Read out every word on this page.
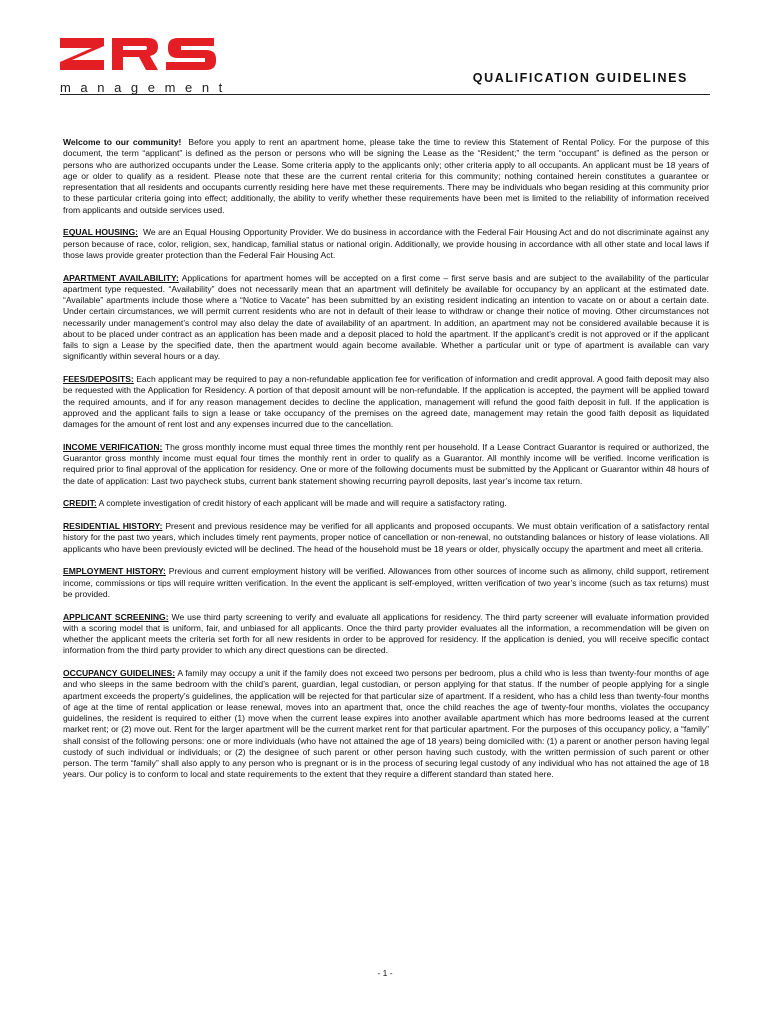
management
QUALIFICATION GUIDELINES

Welcome to our community! Before you apply to rent an apartment home, please take the time to review this Statement of Rental Policy. For the purpose of this document, the term “applicant” is defined as the person or persons who will be signing the Lease as the “Resident;” the term “occupant” is defined as the person or persons who are authorized occupants under the Lease. Some criteria apply to the applicants only; other criteria apply to all occupants. An applicant must be 18 years of age or older to qualify as a resident. Please note that these are the current rental criteria for this community; nothing contained herein constitutes a guarantee or representation that all residents and occupants currently residing here have met these requirements. There may be individuals who began residing at this community prior to these particular criteria going into effect; additionally, the ability to verify whether these requirements have been met is limited to the reliability of information received from applicants and outside services used.

EQUAL HOUSING: We are an Equal Housing Opportunity Provider. We do business in accordance with the Federal Fair Housing Act and do not discriminate against any person because of race, color, religion, sex, handicap, familial status or national origin. Additionally, we provide housing in accordance with all other state and local laws if those laws provide greater protection than the Federal Fair Housing Act.

APARTMENT AVAILABILITY: Applications for apartment homes will be accepted on a first come – first serve basis and are subject to the availability of the particular apartment type requested. “Availability” does not necessarily mean that an apartment will definitely be available for occupancy by an applicant at the estimated date. “Available” apartments include those where a “Notice to Vacate” has been submitted by an existing resident indicating an intention to vacate on or about a certain date. Under certain circumstances, we will permit current residents who are not in default of their lease to withdraw or change their notice of moving. Other circumstances not necessarily under management’s control may also delay the date of availability of an apartment. In addition, an apartment may not be considered available because it is about to be placed under contract as an application has been made and a deposit placed to hold the apartment. If the applicant’s credit is not approved or if the applicant fails to sign a Lease by the specified date, then the apartment would again become available. Whether a particular unit or type of apartment is available can vary significantly within several hours or a day.

FEES/DEPOSITS: Each applicant may be required to pay a non-refundable application fee for verification of information and credit approval. A good faith deposit may also be requested with the Application for Residency. A portion of that deposit amount will be non-refundable. If the application is accepted, the payment will be applied toward the required amounts, and if for any reason management decides to decline the application, management will refund the good faith deposit in full. If the application is approved and the applicant fails to sign a lease or take occupancy of the premises on the agreed date, management may retain the good faith deposit as liquidated damages for the amount of rent lost and any expenses incurred due to the cancellation.

INCOME VERIFICATION: The gross monthly income must equal three times the monthly rent per household. If a Lease Contract Guarantor is required or authorized, the Guarantor gross monthly income must equal four times the monthly rent in order to qualify as a Guarantor. All monthly income will be verified. Income verification is required prior to final approval of the application for residency. One or more of the following documents must be submitted by the Applicant or Guarantor within 48 hours of the date of application: Last two paycheck stubs, current bank statement showing recurring payroll deposits, last year’s income tax return.

CREDIT: A complete investigation of credit history of each applicant will be made and will require a satisfactory rating.

RESIDENTIAL HISTORY: Present and previous residence may be verified for all applicants and proposed occupants. We must obtain verification of a satisfactory rental history for the past two years, which includes timely rent payments, proper notice of cancellation or non-renewal, no outstanding balances or history of lease violations. All applicants who have been previously evicted will be declined. The head of the household must be 18 years or older, physically occupy the apartment and meet all criteria.

EMPLOYMENT HISTORY: Previous and current employment history will be verified. Allowances from other sources of income such as alimony, child support, retirement income, commissions or tips will require written verification. In the event the applicant is self-employed, written verification of two year’s income (such as tax returns) must be provided.

APPLICANT SCREENING: We use third party screening to verify and evaluate all applications for residency. The third party screener will evaluate information provided with a scoring model that is uniform, fair, and unbiased for all applicants. Once the third party provider evaluates all the information, a recommendation will be given on whether the applicant meets the criteria set forth for all new residents in order to be approved for residency. If the application is denied, you will receive specific contact information from the third party provider to which any direct questions can be directed.

OCCUPANCY GUIDELINES: A family may occupy a unit if the family does not exceed two persons per bedroom, plus a child who is less than twenty-four months of age and who sleeps in the same bedroom with the child’s parent, guardian, legal custodian, or person applying for that status. If the number of people applying for a single apartment exceeds the property’s guidelines, the application will be rejected for that particular size of apartment. If a resident, who has a child less than twenty-four months of age at the time of rental application or lease renewal, moves into an apartment that, once the child reaches the age of twenty-four months, violates the occupancy guidelines, the resident is required to either (1) move when the current lease expires into another available apartment which has more bedrooms leased at the current market rent; or (2) move out. Rent for the larger apartment will be the current market rent for that particular apartment. For the purposes of this occupancy policy, a “family” shall consist of the following persons: one or more individuals (who have not attained the age of 18 years) being domiciled with: (1) a parent or another person having legal custody of such individual or individuals; or (2) the designee of such parent or other person having such custody, with the written permission of such parent or other person. The term “family” shall also apply to any person who is pregnant or is in the process of securing legal custody of any individual who has not attained the age of 18 years. Our policy is to conform to local and state requirements to the extent that they require a different standard than stated here.

- 1 -
